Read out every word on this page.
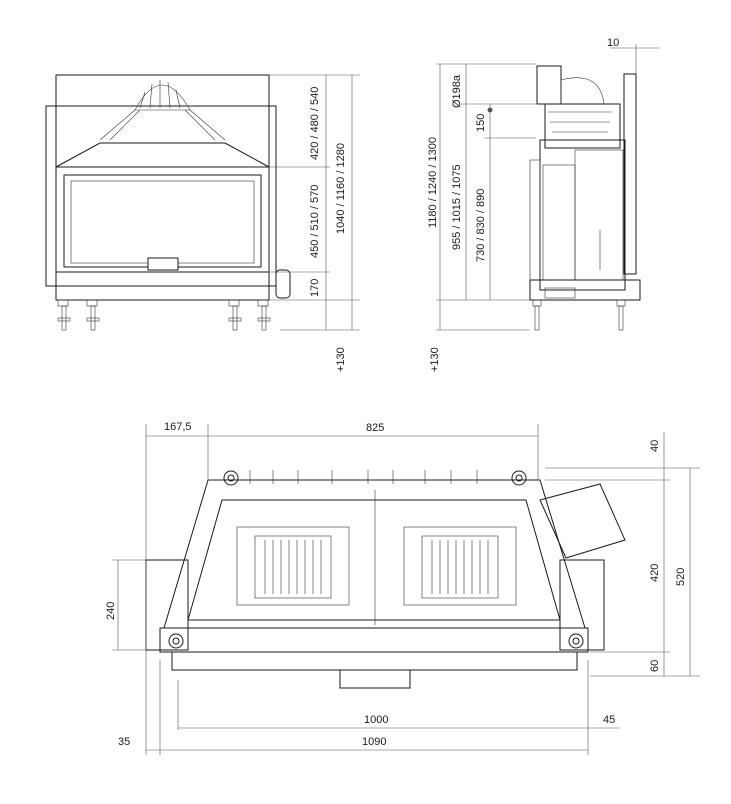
420 / 480 / 540
450 / 510 / 570 1040 / 1160 / 1280
170
+130
10
Ø198a
150
1180 / 1240 / 1300 955 / 1015 / 1075 730 / 830 / 890
+130
167,5	825
40
420 520
60
240
1000	45
35	1090
